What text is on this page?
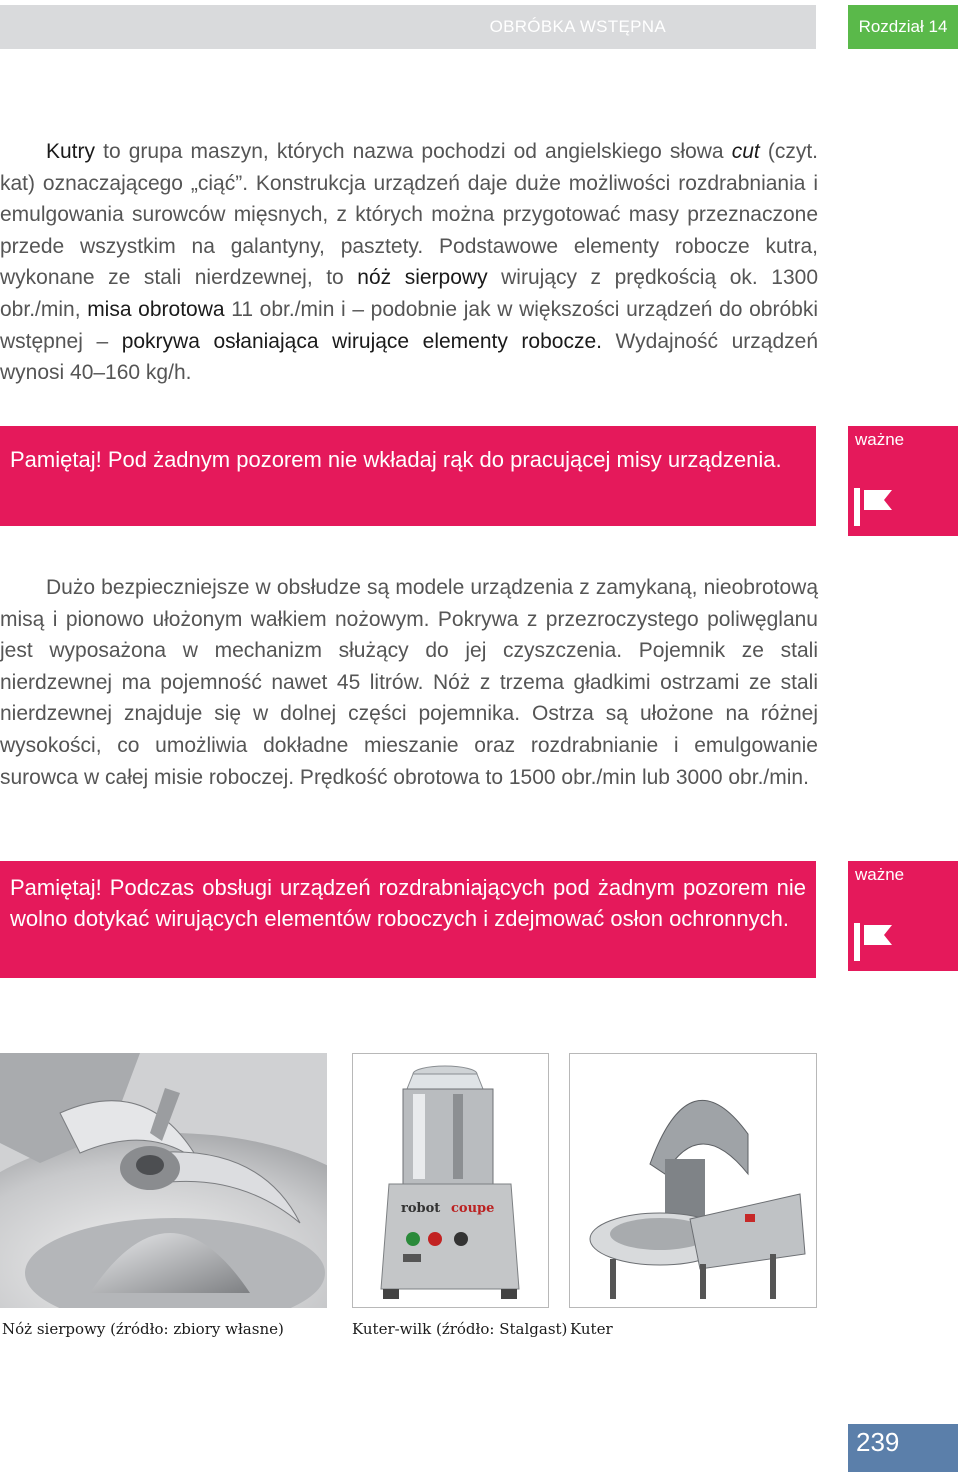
OBRÓBKA WSTĘPNA	Rozdział 14
Kutry to grupa maszyn, których nazwa pochodzi od angielskiego słowa cut (czyt. kat) oznaczającego „ciąć”. Konstrukcja urządzeń daje duże możliwości rozdrabniania i emulgowania surowców mięsnych, z których można przygotować masy przeznaczone przede wszystkim na galantyny, pasztety. Podstawowe elementy robocze kutra, wykonane ze stali nierdzewnej, to nóż sierpowy wirujący z prędkością ok. 1300 obr./min, misa obrotowa 11 obr./min i – podobnie jak w większości urządzeń do obróbki wstępnej – pokrywa osłaniająca wirujące elementy robocze. Wydajność urządzeń wynosi 40–160 kg/h.
Pamiętaj! Pod żadnym pozorem nie wkładaj rąk do pracującej misy urządzenia.
ważne
Dużo bezpieczniejsze w obsłudze są modele urządzenia z zamykaną, nieobrotową misą i pionowo ułożonym wałkiem nożowym. Pokrywa z przezroczystego poliwęglanu jest wyposażona w mechanizm służący do jej czyszczenia. Pojemnik ze stali nierdzewnej ma pojemność nawet 45 litrów. Nóż z trzema gładkimi ostrzami ze stali nierdzewnej znajduje się w dolnej części pojemnika. Ostrza są ułożone na różnej wysokości, co umożliwia dokładne mieszanie oraz rozdrabnianie i emulgowanie surowca w całej misie roboczej. Prędkość obrotowa to 1500 obr./min lub 3000 obr./min.
Pamiętaj! Podczas obsługi urządzeń rozdrabniających pod żadnym pozorem nie wolno dotykać wirujących elementów roboczych i zdejmować osłon ochronnych.
ważne
robot coupe
Nóż sierpowy (źródło: zbiory własne)	Kuter-wilk (źródło: Stalgast) Kuter
239
